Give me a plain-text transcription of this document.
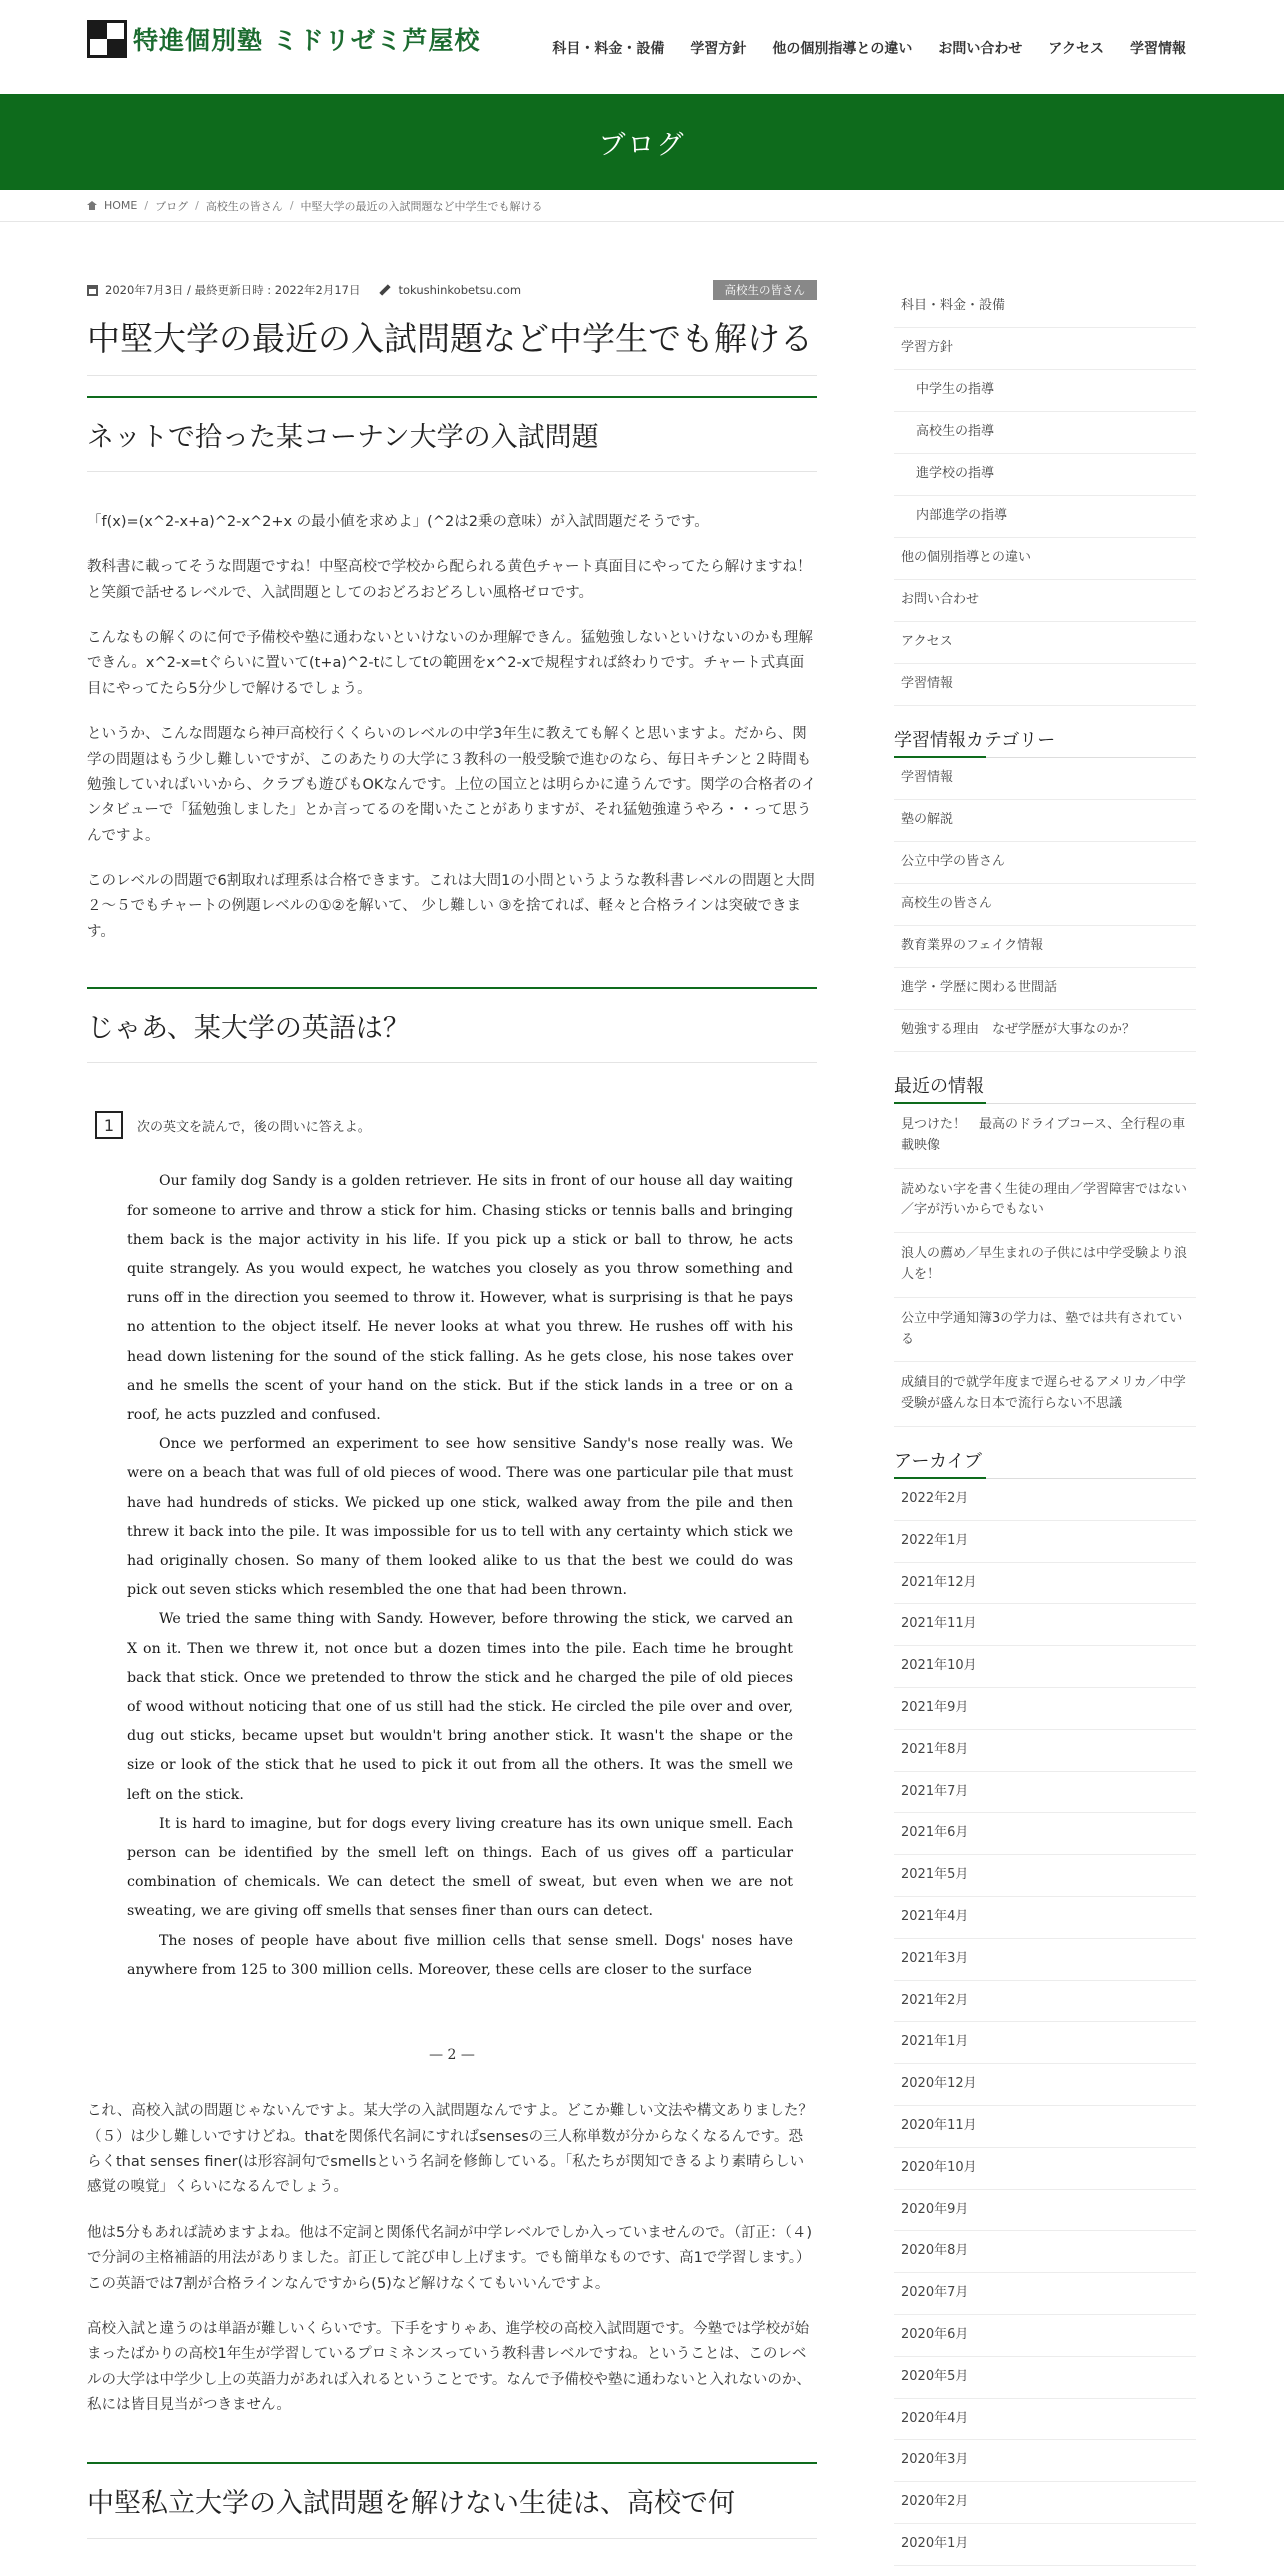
特進個別塾 ミドリゼミ芦屋校	科目・料金・設備 学習方針 他の個別指導との違い お問い合わせ アクセス 学習情報
ブログ
HOME / ブログ / 高校生の皆さん / 中堅大学の最近の入試問題など中学生でも解ける
2020年7月3日 / 最終更新日時 : 2022年2月17日	tokushinkobetsu.com	高校生の皆さん
中堅大学の最近の入試問題など中学生でも解ける
ネットで拾った某コーナン大学の入試問題

「f(x)=(x^2-x+a)^2-x^2+x の最小値を求めよ」(^2は2乗の意味）が入試問題だそうです。

教科書に載ってそうな問題ですね！中堅高校で学校から配られる黄色チャート真面目にやってたら解けますね！と笑顔で話せるレベルで、入試問題としてのおどろおどろしい風格ゼロです。

こんなもの解くのに何で予備校や塾に通わないといけないのか理解できん。猛勉強しないといけないのかも理解できん。x^2-x=tぐらいに置いて(t+a)^2-tにしてtの範囲をx^2-xで規程すれば終わりです。チャート式真面目にやってたら5分少しで解けるでしょう。

というか、こんな問題なら神戸高校行くくらいのレベルの中学3年生に教えても解くと思いますよ。だから、関学の問題はもう少し難しいですが、このあたりの大学に３教科の一般受験で進むのなら、毎日キチンと２時間も勉強していればいいから、クラブも遊びもOKなんです。上位の国立とは明らかに違うんです。関学の合格者のインタビューで「猛勉強しました」とか言ってるのを聞いたことがありますが、それ猛勉強違うやろ・・って思うんですよ。

このレベルの問題で6割取れば理系は合格できます。これは大問1の小問というような教科書レベルの問題と大問２～５でもチャートの例題レベルの①②を解いて、 少し難しい ③を捨てれば、軽々と合格ラインは突破できます。

じゃあ、某大学の英語は？
1	次の英文を読んで，後の問いに答えよ。

Our family dog Sandy is a golden retriever. He sits in front of our house all day waiting for someone to arrive and throw a stick for him. Chasing sticks or tennis balls and bringing them back is the major activity in his life. If you pick up a stick or ball to throw, he acts quite strangely. As you would expect, he watches you closely as you throw something and runs off in the direction you seemed to throw it. However, what is surprising is that he pays no attention to the object itself. He never looks at what you threw. He rushes off with his head down listening for the sound of the stick falling. As he gets close, his nose takes over and he smells the scent of your hand on the stick. But if the stick lands in a tree or on a roof, he acts puzzled and confused.

Once we performed an experiment to see how sensitive Sandy's nose really was. We were on a beach that was full of old pieces of wood. There was one particular pile that must have had hundreds of sticks. We picked up one stick, walked away from the pile and then threw it back into the pile. It was impossible for us to tell with any certainty which stick we had originally chosen. So many of them looked alike to us that the best we could do was pick out seven sticks which resembled the one that had been thrown.

We tried the same thing with Sandy. However, before throwing the stick, we carved an X on it. Then we threw it, not once but a dozen times into the pile. Each time he brought back that stick. Once we pretended to throw the stick and he charged the pile of old pieces of wood without noticing that one of us still had the stick. He circled the pile over and over, dug out sticks, became upset but wouldn't bring another stick. It wasn't the shape or the size or look of the stick that he used to pick it out from all the others. It was the smell we left on the stick.

It is hard to imagine, but for dogs every living creature has its own unique smell. Each person can be identified by the smell left on things. Each of us gives off a particular combination of chemicals. We can detect the smell of sweat, but even when we are not sweating, we are giving off smells that senses finer than ours can detect.

The noses of people have about five million cells that sense smell. Dogs' noses have anywhere from 125 to 300 million cells. Moreover, these cells are closer to the surface

— 2 —

これ、高校入試の問題じゃないんですよ。某大学の入試問題なんですよ。どこか難しい文法や構文ありました？（５）は少し難しいですけどね。thatを関係代名詞にすればsensesの三人称単数が分からなくなるんです。恐らくthat senses finer(は形容詞句でsmellsという名詞を修飾している。「私たちが関知できるより素晴らしい感覚の嗅覚」くらいになるんでしょう。

他は5分もあれば読めますよね。他は不定詞と関係代名詞が中学レベルでしか入っていませんので。（訂正：（４)で分詞の主格補語的用法がありました。訂正して詫び申し上げます。でも簡単なものです、高1で学習します。）この英語では7割が合格ラインなんですから(5)など解けなくてもいいんですよ。

高校入試と違うのは単語が難しいくらいです。下手をすりゃあ、進学校の高校入試問題です。今塾では学校が始まったばかりの高校1年生が学習しているプロミネンスっていう教科書レベルですね。ということは、このレベルの大学は中学少し上の英語力があれば入れるということです。なんで予備校や塾に通わないと入れないのか、私には皆目見当がつきません。

中堅私立大学の入試問題を解けない生徒は、高校で何
科目・料金・設備
学習方針
中学生の指導
高校生の指導
進学校の指導
内部進学の指導
他の個別指導との違い
お問い合わせ
アクセス
学習情報
学習情報カテゴリー
学習情報
塾の解説
公立中学の皆さん
高校生の皆さん
教育業界のフェイク情報
進学・学歴に関わる世間話
勉強する理由　なぜ学歴が大事なのか？
最近の情報
見つけた！　最高のドライブコース、全行程の車載映像
読めない字を書く生徒の理由／学習障害ではない／字が汚いからでもない
浪人の薦め／早生まれの子供には中学受験より浪人を！
公立中学通知簿3の学力は、塾では共有されている
成績目的で就学年度まで遅らせるアメリカ／中学受験が盛んな日本で流行らない不思議
アーカイブ
2022年2月
2022年1月
2021年12月
2021年11月
2021年10月
2021年9月
2021年8月
2021年7月
2021年6月
2021年5月
2021年4月
2021年3月
2021年2月
2021年1月
2020年12月
2020年11月
2020年10月
2020年9月
2020年8月
2020年7月
2020年6月
2020年5月
2020年4月
2020年3月
2020年2月
2020年1月
